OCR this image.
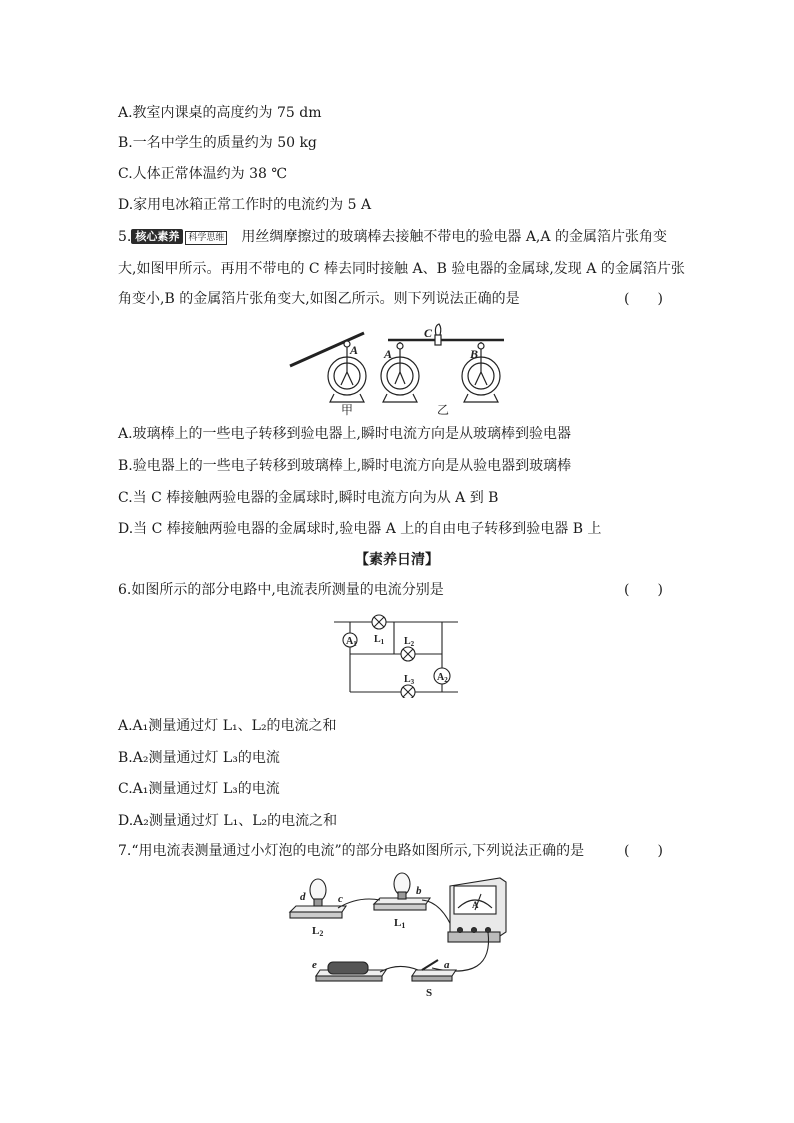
A.教室内课桌的高度约为 75 dm
B.一名中学生的质量约为 50 kg
C.人体正常体温约为 38 ℃
D.家用电冰箱正常工作时的电流约为 5 A
5. 核心素养 科学思维 用丝绸摩擦过的玻璃棒去接触不带电的验电器 A,A 的金属箔片张角变
大,如图甲所示。再用不带电的 C 棒去同时接触 A、B 验电器的金属球,发现 A 的金属箔片张
角变小,B 的金属箔片张角变大,如图乙所示。则下列说法正确的是	(　　)
A A	B
C
甲	乙
A.玻璃棒上的一些电子转移到验电器上,瞬时电流方向是从玻璃棒到验电器
B.验电器上的一些电子转移到玻璃棒上,瞬时电流方向是从验电器到玻璃棒
C.当 C 棒接触两验电器的金属球时,瞬时电流方向为从 A 到 B
D.当 C 棒接触两验电器的金属球时,验电器 A 上的自由电子转移到验电器 B 上
【素养日清】
6.如图所示的部分电路中,电流表所测量的电流分别是	(　　)
$A_1$
$A_2$
$L_1$ $L_2$
$L_3$
A.A₁测量通过灯 L₁、L₂的电流之和
B.A₂测量通过灯 L₃的电流
C.A₁测量通过灯 L₃的电流
D.A₂测量通过灯 L₁、L₂的电流之和
7.“用电流表测量通过小灯泡的电流”的部分电路如图所示,下列说法正确的是	(　　)
d	c
b
e	a
L2
L1
S
A
